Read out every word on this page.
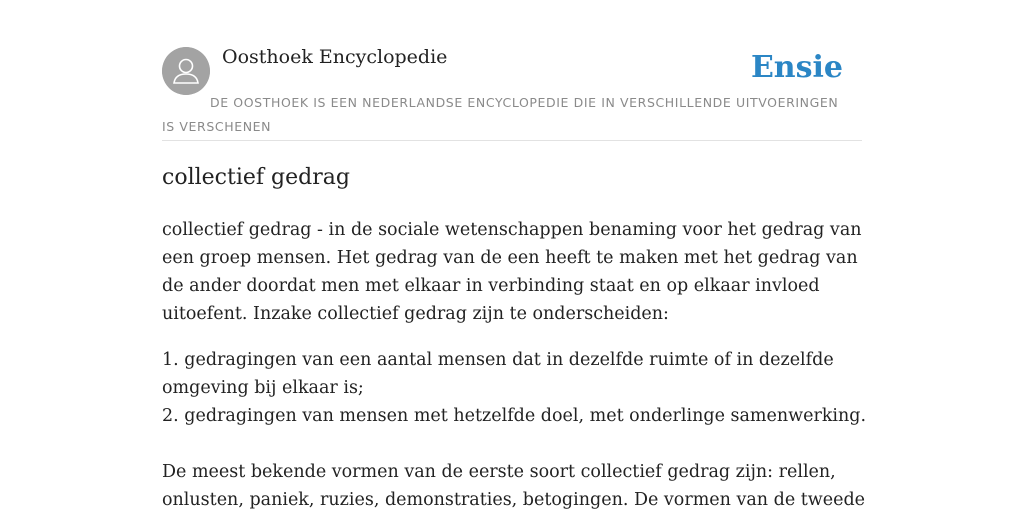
Oosthoek Encyclopedie	Ensie
DE OOSTHOEK IS EEN NEDERLANDSE ENCYCLOPEDIE DIE IN VERSCHILLENDE UITVOERINGEN IS VERSCHENEN
collectief gedrag

collectief gedrag - in de sociale wetenschappen benaming voor het gedrag van een groep mensen. Het gedrag van de een heeft te maken met het gedrag van de ander doordat men met elkaar in verbinding staat en op elkaar invloed uitoefent. Inzake collectief gedrag zijn te onderscheiden:

1. gedragingen van een aantal mensen dat in dezelfde ruimte of in dezelfde omgeving bij elkaar is;

2. gedragingen van mensen met hetzelfde doel, met onderlinge samenwerking.

De meest bekende vormen van de eerste soort collectief gedrag zijn: rellen, onlusten, paniek, ruzies, demonstraties, betogingen. De vormen van de tweede
